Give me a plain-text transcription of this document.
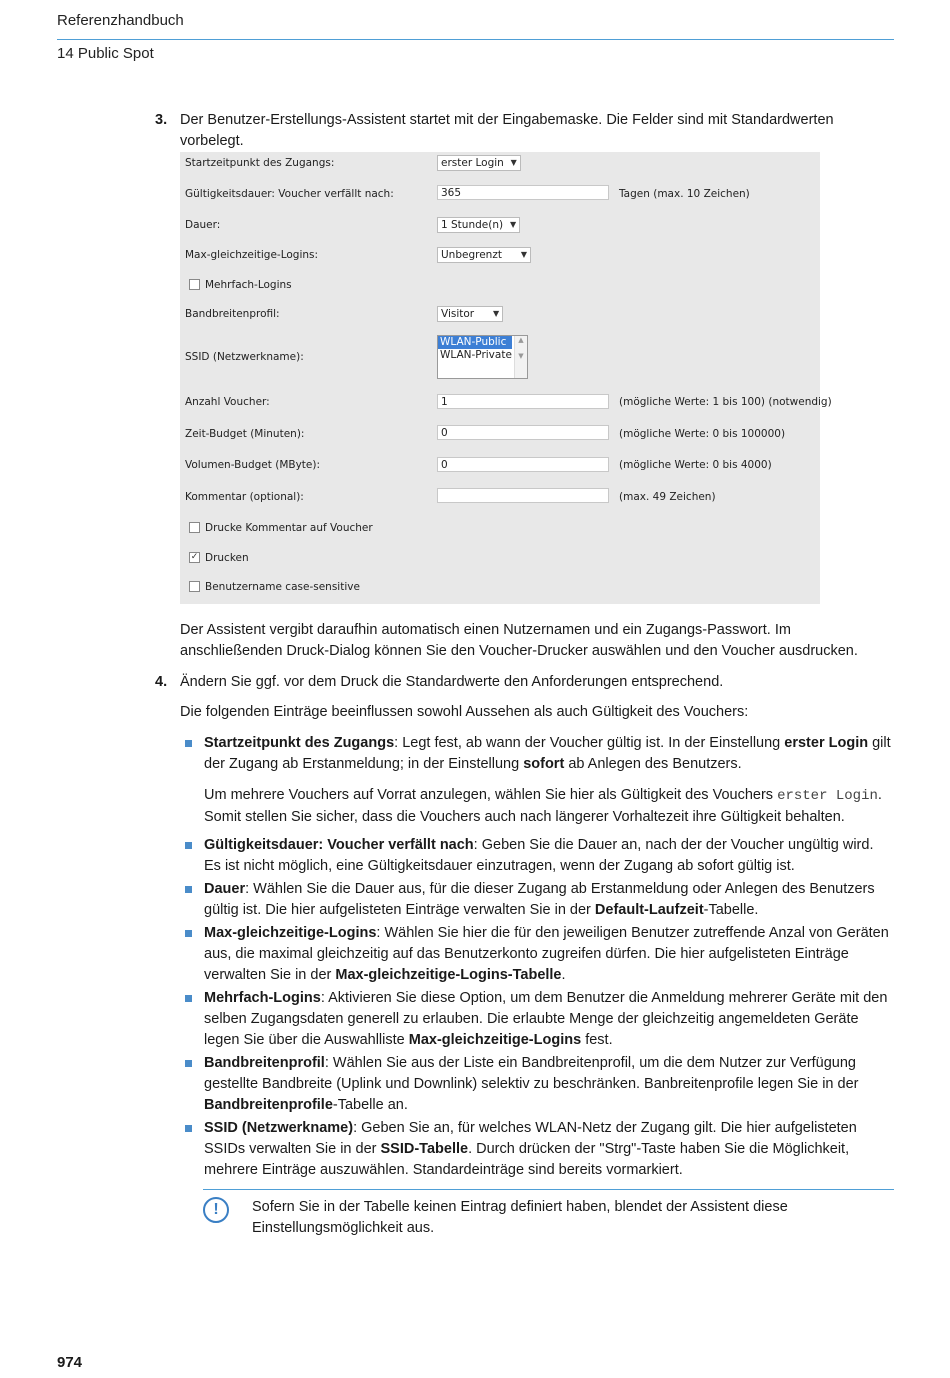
Referenzhandbuch
14 Public Spot
3. Der Benutzer-Erstellungs-Assistent startet mit der Eingabemaske. Die Felder sind mit Standardwerten vorbelegt.
Startzeitpunkt des Zugangs:	erster Login ▼
Gültigkeitsdauer: Voucher verfällt nach:	365	Tagen (max. 10 Zeichen)
Dauer:	1 Stunde(n) ▼
Max-gleichzeitige-Logins:	Unbegrenzt ▼
Mehrfach-Logins
Bandbreitenprofil:	Visitor ▼
SSID (Netzwerkname):
WLAN-Public
WLAN-Private
▲

▼
Anzahl Voucher:	1	(mögliche Werte: 1 bis 100) (notwendig)
Zeit-Budget (Minuten):	0	(mögliche Werte: 0 bis 100000)
Volumen-Budget (MByte):	0	(mögliche Werte: 0 bis 4000)
Kommentar (optional):	(max. 49 Zeichen)
Drucke Kommentar auf Voucher
✓ Drucken
Benutzername case-sensitive
Der Assistent vergibt daraufhin automatisch einen Nutzernamen und ein Zugangs-Passwort. Im anschließenden Druck-Dialog können Sie den Voucher-Drucker auswählen und den Voucher ausdrucken.
4. Ändern Sie ggf. vor dem Druck die Standardwerte den Anforderungen entsprechend.
Die folgenden Einträge beeinflussen sowohl Aussehen als auch Gültigkeit des Vouchers:
Startzeitpunkt des Zugangs: Legt fest, ab wann der Voucher gültig ist. In der Einstellung erster Login gilt der Zugang ab Erstanmeldung; in der Einstellung sofort ab Anlegen des Benutzers.
Um mehrere Vouchers auf Vorrat anzulegen, wählen Sie hier als Gültigkeit des Vouchers erster Login. Somit stellen Sie sicher, dass die Vouchers auch nach längerer Vorhaltezeit ihre Gültigkeit behalten.
Gültigkeitsdauer: Voucher verfällt nach: Geben Sie die Dauer an, nach der der Voucher ungültig wird. Es ist nicht möglich, eine Gültigkeitsdauer einzutragen, wenn der Zugang ab sofort gültig ist.
Dauer: Wählen Sie die Dauer aus, für die dieser Zugang ab Erstanmeldung oder Anlegen des Benutzers gültig ist. Die hier aufgelisteten Einträge verwalten Sie in der Default-Laufzeit-Tabelle.
Max-gleichzeitige-Logins: Wählen Sie hier die für den jeweiligen Benutzer zutreffende Anzal von Geräten aus, die maximal gleichzeitig auf das Benutzerkonto zugreifen dürfen. Die hier aufgelisteten Einträge verwalten Sie in der Max-gleichzeitige-Logins-Tabelle.
Mehrfach-Logins: Aktivieren Sie diese Option, um dem Benutzer die Anmeldung mehrerer Geräte mit den selben Zugangsdaten generell zu erlauben. Die erlaubte Menge der gleichzeitig angemeldeten Geräte legen Sie über die Auswahlliste Max-gleichzeitige-Logins fest.
Bandbreitenprofil: Wählen Sie aus der Liste ein Bandbreitenprofil, um die dem Nutzer zur Verfügung gestellte Bandbreite (Uplink und Downlink) selektiv zu beschränken. Banbreitenprofile legen Sie in der Bandbreitenprofile-Tabelle an.
SSID (Netzwerkname): Geben Sie an, für welches WLAN-Netz der Zugang gilt. Die hier aufgelisteten SSIDs verwalten Sie in der SSID-Tabelle. Durch drücken der "Strg"-Taste haben Sie die Möglichkeit, mehrere Einträge auszuwählen. Standardeinträge sind bereits vormarkiert.
!	Sofern Sie in der Tabelle keinen Eintrag definiert haben, blendet der Assistent diese Einstellungsmöglichkeit aus.
974
